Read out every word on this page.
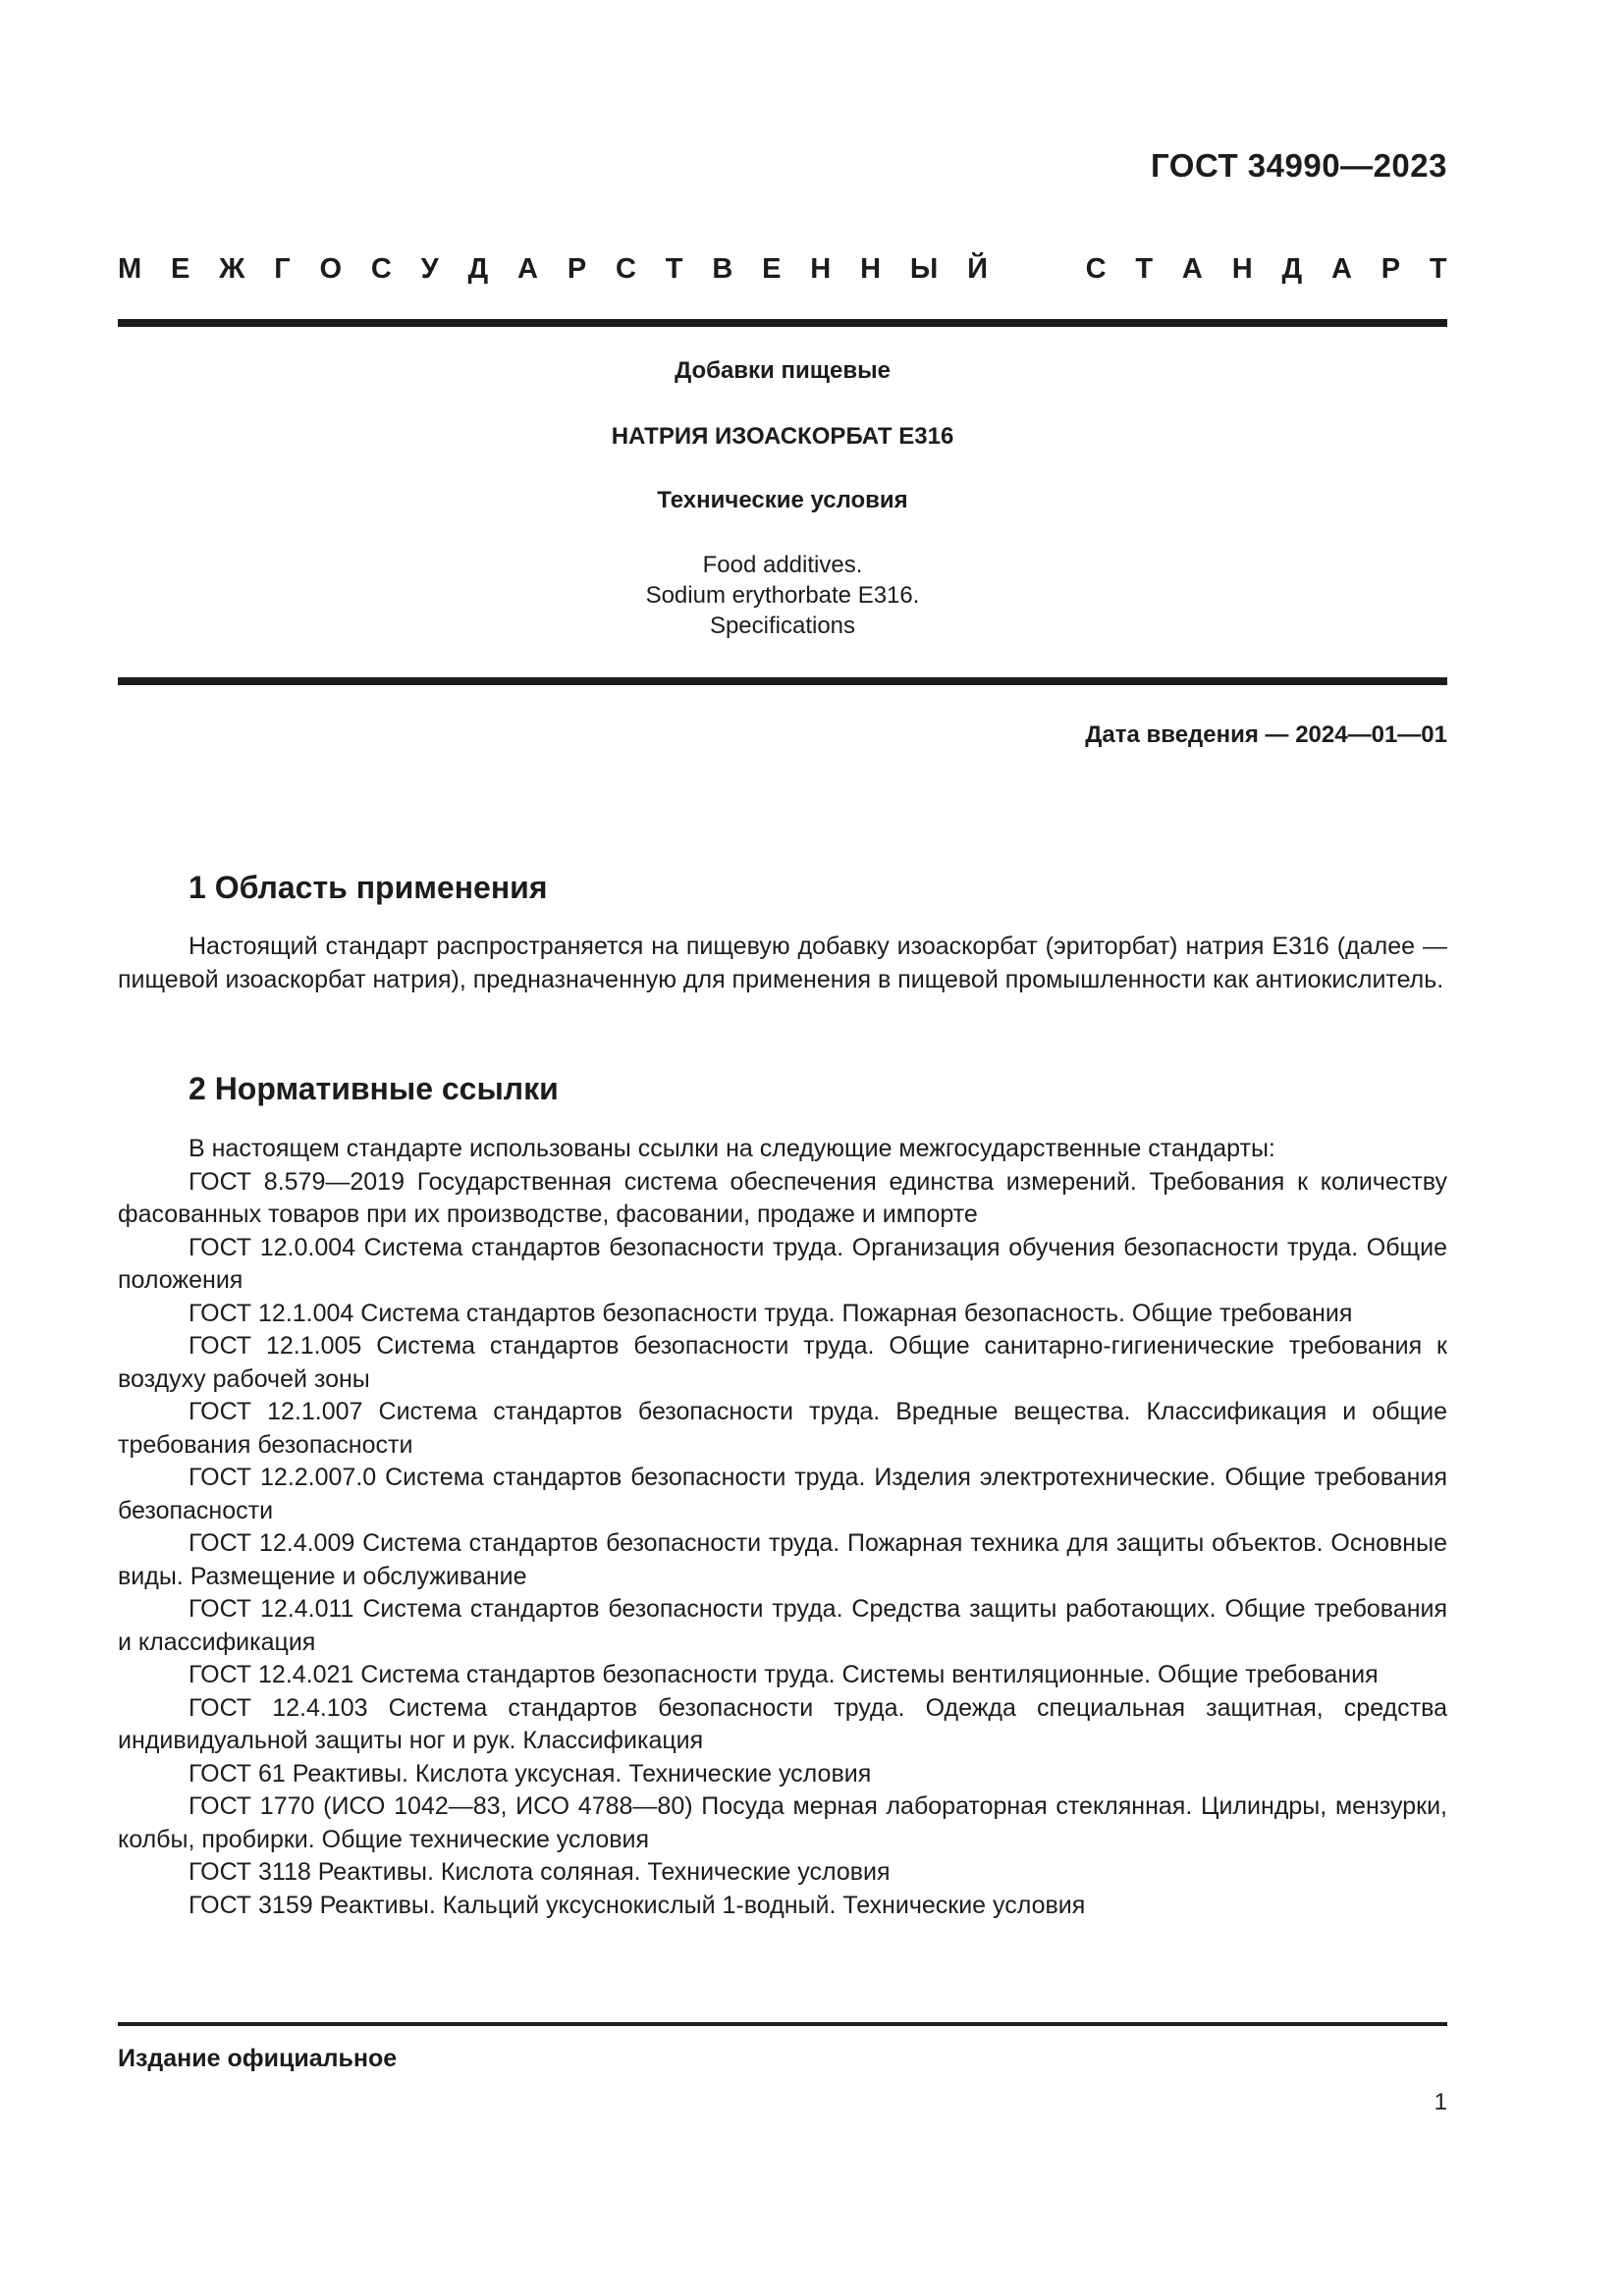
ГОСТ 34990—2023
М Е Ж Г О С У Д А Р С Т В Е Н Н Ы Й	С Т А Н Д А Р Т
Добавки пищевые
НАТРИЯ ИЗОАСКОРБАТ Е316
Технические условия
Food additives.
Sodium erythorbate E316.
Specifications
Дата введения — 2024—01—01
1 Область применения
Настоящий стандарт распространяется на пищевую добавку изоаскорбат (эриторбат) натрия Е316 (далее — пищевой изоаскорбат натрия), предназначенную для применения в пищевой промышленности как антиокислитель.
2 Нормативные ссылки

В настоящем стандарте использованы ссылки на следующие межгосударственные стандарты:

ГОСТ 8.579—2019 Государственная система обеспечения единства измерений. Требования к количеству фасованных товаров при их производстве, фасовании, продаже и импорте

ГОСТ 12.0.004 Система стандартов безопасности труда. Организация обучения безопасности труда. Общие положения

ГОСТ 12.1.004 Система стандартов безопасности труда. Пожарная безопасность. Общие требования

ГОСТ 12.1.005 Система стандартов безопасности труда. Общие санитарно-гигиенические требования к воздуху рабочей зоны

ГОСТ 12.1.007 Система стандартов безопасности труда. Вредные вещества. Классификация и общие требования безопасности

ГОСТ 12.2.007.0 Система стандартов безопасности труда. Изделия электротехнические. Общие требования безопасности

ГОСТ 12.4.009 Система стандартов безопасности труда. Пожарная техника для защиты объектов. Основные виды. Размещение и обслуживание

ГОСТ 12.4.011 Система стандартов безопасности труда. Средства защиты работающих. Общие требования и классификация

ГОСТ 12.4.021 Система стандартов безопасности труда. Системы вентиляционные. Общие требования

ГОСТ 12.4.103 Система стандартов безопасности труда. Одежда специальная защитная, средства индивидуальной защиты ног и рук. Классификация

ГОСТ 61 Реактивы. Кислота уксусная. Технические условия

ГОСТ 1770 (ИСО 1042—83, ИСО 4788—80) Посуда мерная лабораторная стеклянная. Цилиндры, мензурки, колбы, пробирки. Общие технические условия

ГОСТ 3118 Реактивы. Кислота соляная. Технические условия

ГОСТ 3159 Реактивы. Кальций уксуснокислый 1-водный. Технические условия

Издание официальное
1
